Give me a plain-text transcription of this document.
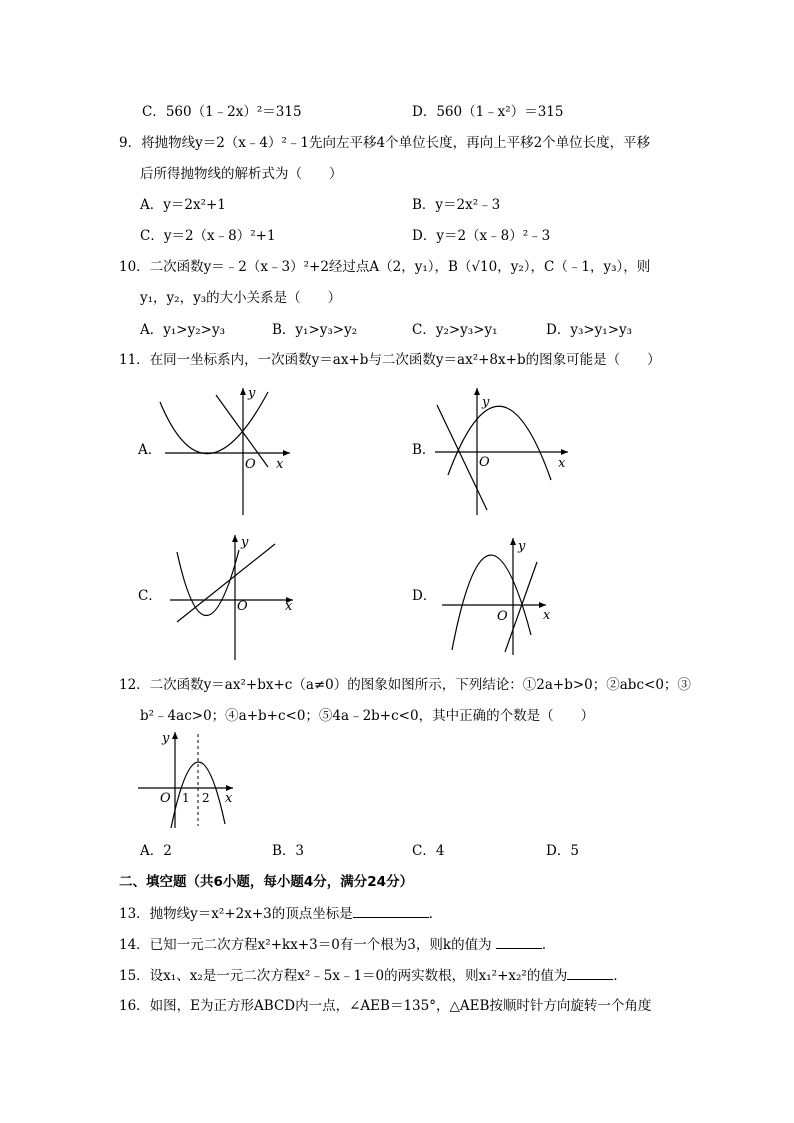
C．560（1﹣2x）²＝315	D．560（1﹣x²）＝315
9．将抛物线y＝2（x﹣4）²﹣1先向左平移4个单位长度，再向上平移2个单位长度，平移
后所得抛物线的解析式为（　　）
A．y＝2x²+1	B．y＝2x²﹣3
C．y＝2（x﹣8）²+1	D．y＝2（x﹣8）²﹣3
10．二次函数y＝﹣2（x﹣3）²+2经过点A（2，y₁），B（√10，y₂），C（﹣1，y₃），则
y₁，y₂，y₃的大小关系是（　　）
A．y₁>y₂>y₃	B．y₁>y₃>y₂	C．y₂>y₃>y₁	D．y₃>y₁>y₃
11．在同一坐标系内，一次函数y＝ax+b与二次函数y＝ax²+8x+b的图象可能是（　　）
A．
y
x
O
B．
y
x
O
C．
y
x
O
D．
y
x
O
12．二次函数y＝ax²+bx+c（a≠0）的图象如图所示，下列结论：①2a+b>0；②abc<0；③
b²﹣4ac>0；④a+b+c<0；⑤4a﹣2b+c<0，其中正确的个数是（　　）
y
x
O 1 2
A．2	B．3	C．4	D．5
二、填空题（共6小题，每小题4分，满分24分）
13．抛物线y＝x²+2x+3的顶点坐标是	．
14．已知一元二次方程x²+kx+3＝0有一个根为3，则k的值为	．
15．设x₁、x₂是一元二次方程x²﹣5x﹣1＝0的两实数根，则x₁²+x₂²的值为	．
16．如图，E为正方形ABCD内一点，∠AEB＝135°，△AEB按顺时针方向旋转一个角度
